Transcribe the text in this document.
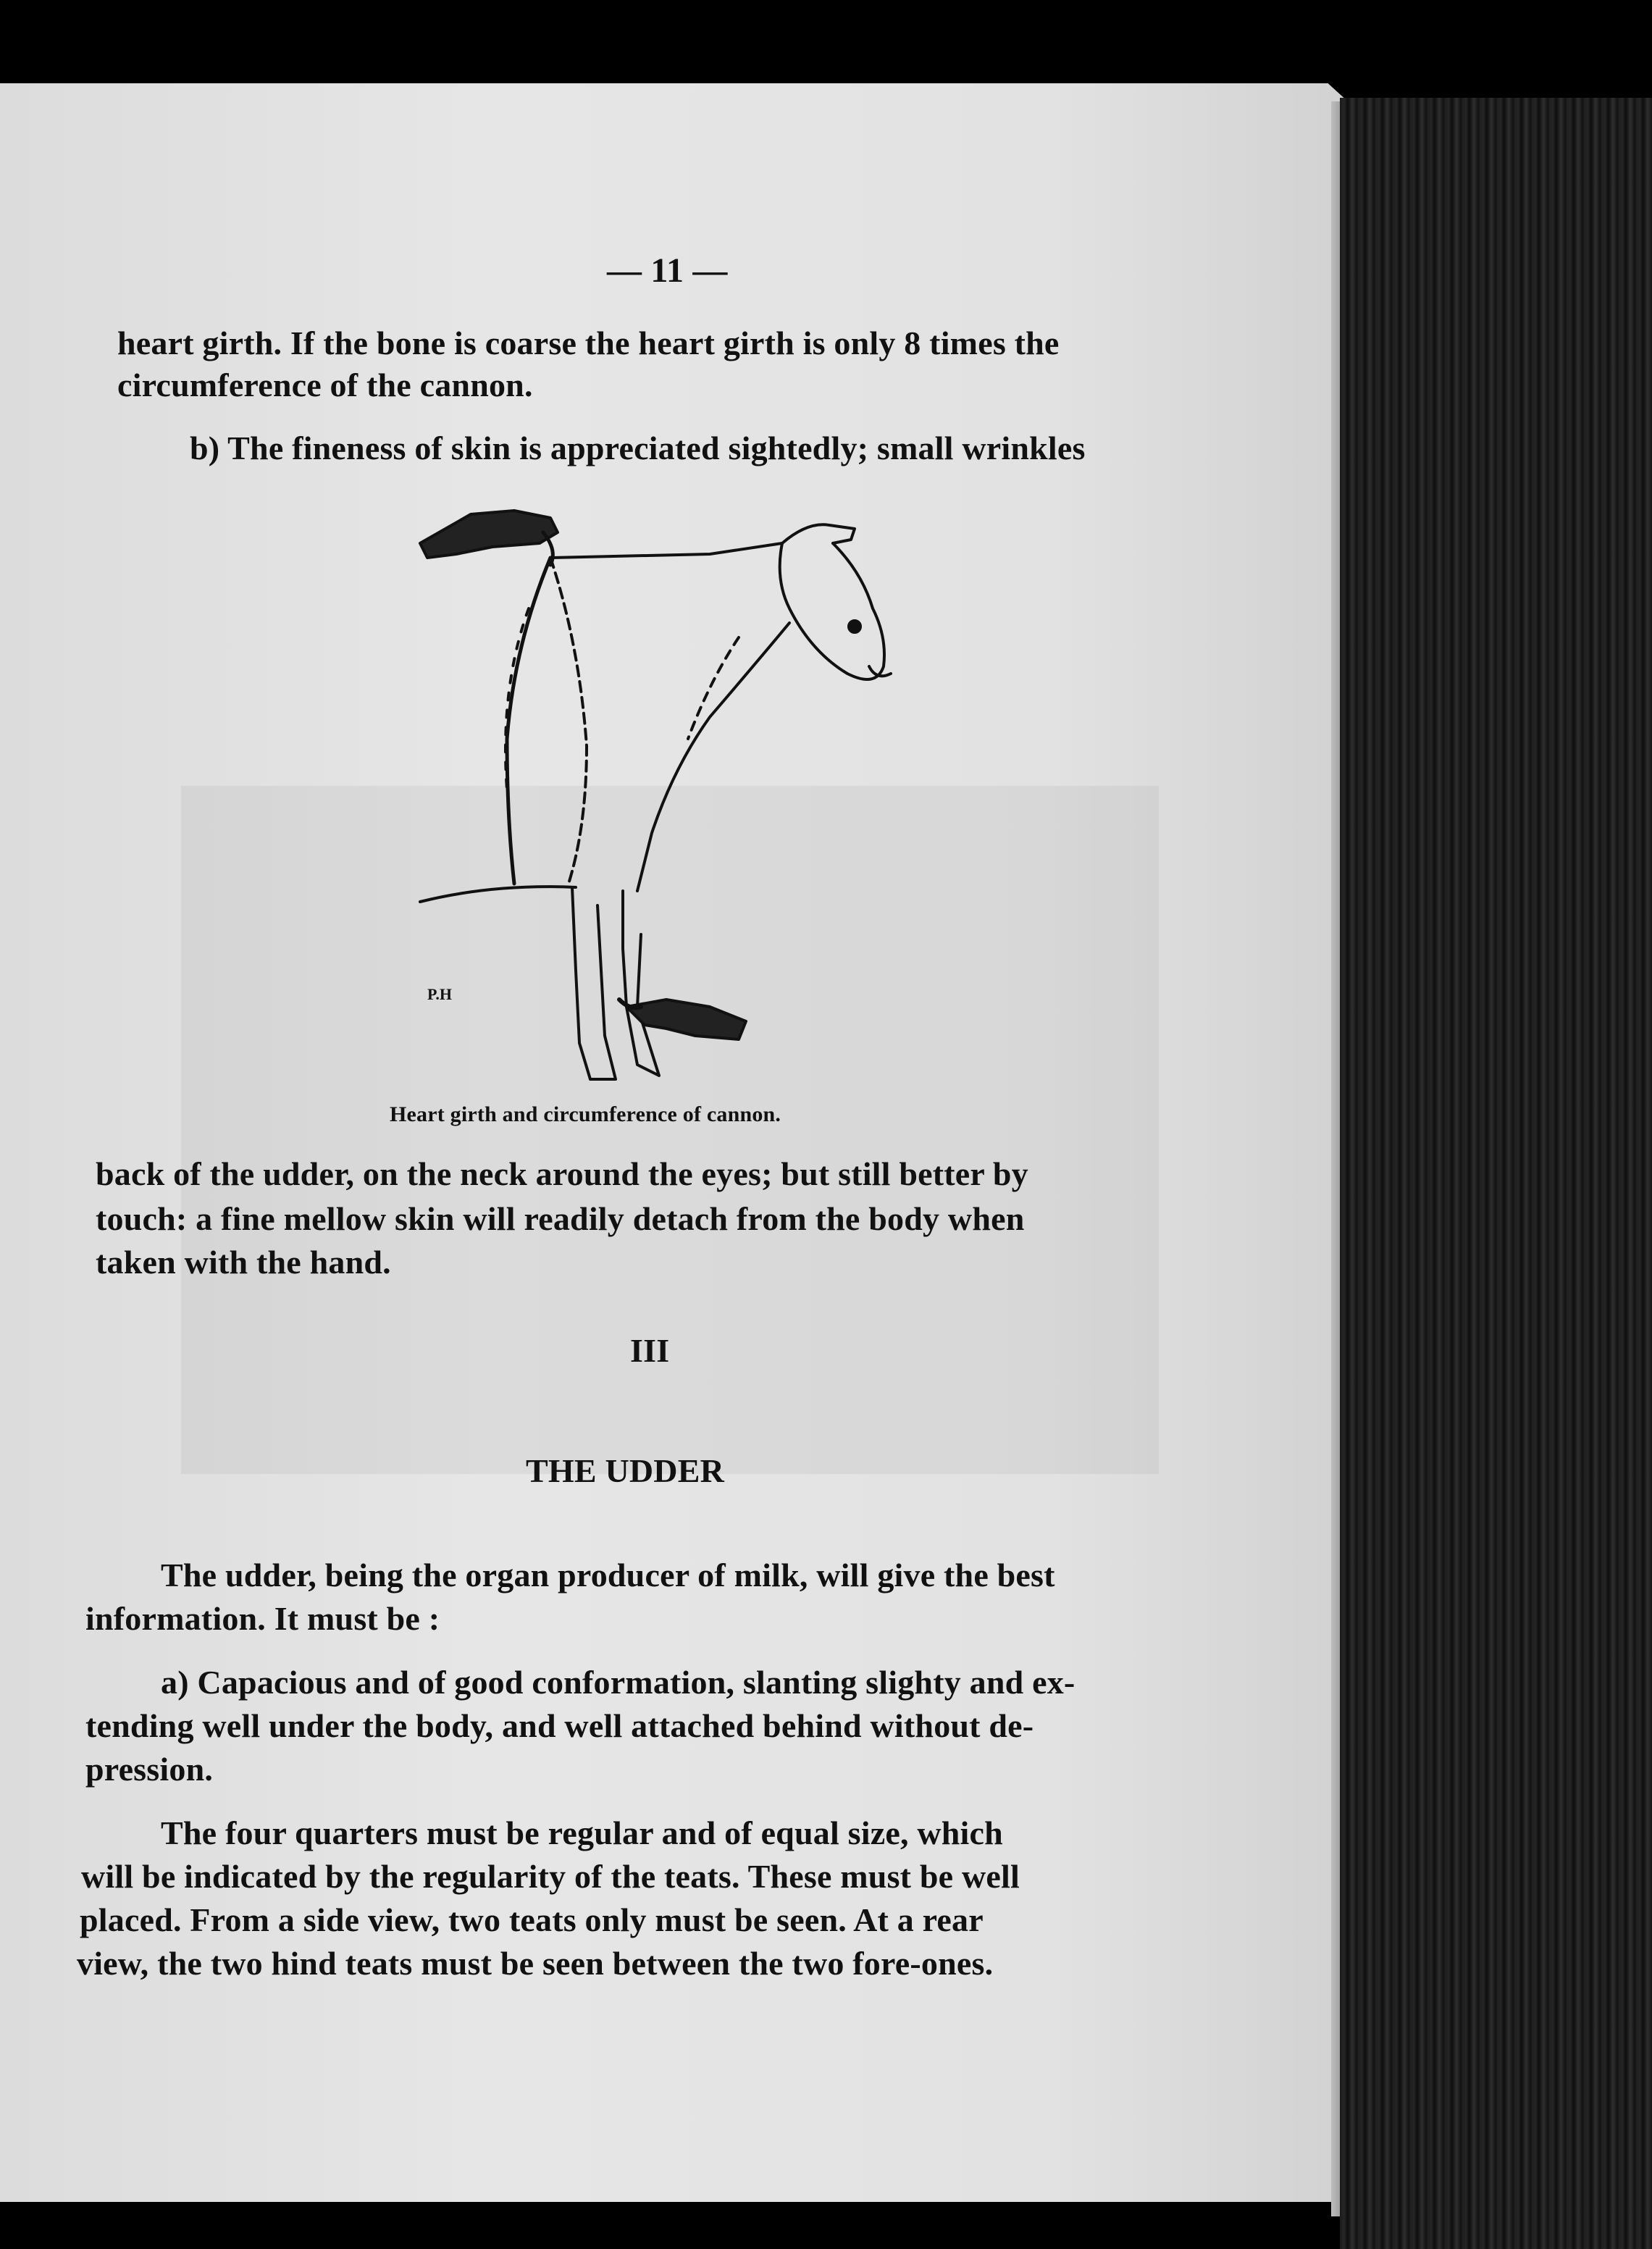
— 11 —
heart girth. If the bone is coarse the heart girth is only 8 times the
circumference of the cannon.
b) The fineness of skin is appreciated sightedly; small wrinkles
P.H
Heart girth and circumference of cannon.
back of the udder, on the neck around the eyes; but still better by
touch: a fine mellow skin will readily detach from the body when
taken with the hand.
III
THE UDDER
The udder, being the organ producer of milk, will give the best
information. It must be :
a) Capacious and of good conformation, slanting slighty and ex-
tending well under the body, and well attached behind without de-
pression.
The four quarters must be regular and of equal size, which
will be indicated by the regularity of the teats. These must be well
placed. From a side view, two teats only must be seen. At a rear
view, the two hind teats must be seen between the two fore-ones.
